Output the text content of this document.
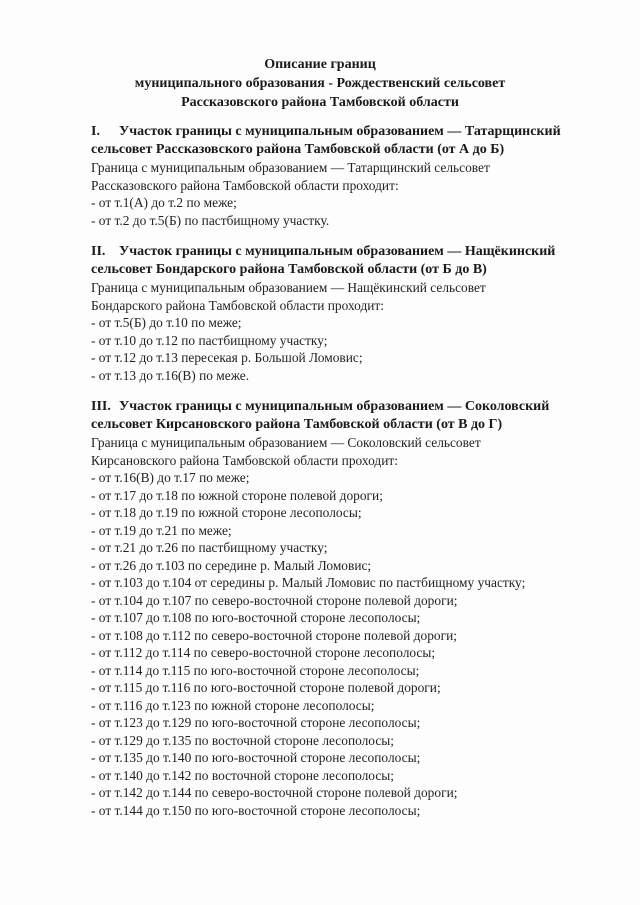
Описание границ
муниципального образования - Рождественский сельсовет
Рассказовского района Тамбовской области
I. Участок границы с муниципальным образованием — Татарщинский
сельсовет Рассказовского района Тамбовской области (от А до Б)
Граница с муниципальным образованием — Татарщинский сельсовет
Рассказовского района Тамбовской области проходит:
- от т.1(А) до т.2 по меже;
- от т.2 до т.5(Б) по пастбищному участку.
II. Участок границы с муниципальным образованием — Нащёкинский
сельсовет Бондарского района Тамбовской области (от Б до В)
Граница с муниципальным образованием — Нащёкинский сельсовет
Бондарского района Тамбовской области проходит:
- от т.5(Б) до т.10 по меже;
- от т.10 до т.12 по пастбищному участку;
- от т.12 до т.13 пересекая р. Большой Ломовис;
- от т.13 до т.16(В) по меже.
III. Участок границы с муниципальным образованием — Соколовский
сельсовет Кирсановского района Тамбовской области (от В до Г)
Граница с муниципальным образованием — Соколовский сельсовет
Кирсановского района Тамбовской области проходит:
- от т.16(В) до т.17 по меже;
- от т.17 до т.18 по южной стороне полевой дороги;
- от т.18 до т.19 по южной стороне лесополосы;
- от т.19 до т.21 по меже;
- от т.21 до т.26 по пастбищному участку;
- от т.26 до т.103 по середине р. Малый Ломовис;
- от т.103 до т.104 от середины р. Малый Ломовис по пастбищному участку;
- от т.104 до т.107 по северо-восточной стороне полевой дороги;
- от т.107 до т.108 по юго-восточной стороне лесополосы;
- от т.108 до т.112 по северо-восточной стороне полевой дороги;
- от т.112 до т.114 по северо-восточной стороне лесополосы;
- от т.114 до т.115 по юго-восточной стороне лесополосы;
- от т.115 до т.116 по юго-восточной стороне полевой дороги;
- от т.116 до т.123 по южной стороне лесополосы;
- от т.123 до т.129 по юго-восточной стороне лесополосы;
- от т.129 до т.135 по восточной стороне лесополосы;
- от т.135 до т.140 по юго-восточной стороне лесополосы;
- от т.140 до т.142 по восточной стороне лесополосы;
- от т.142 до т.144 по северо-восточной стороне полевой дороги;
- от т.144 до т.150 по юго-восточной стороне лесополосы;
